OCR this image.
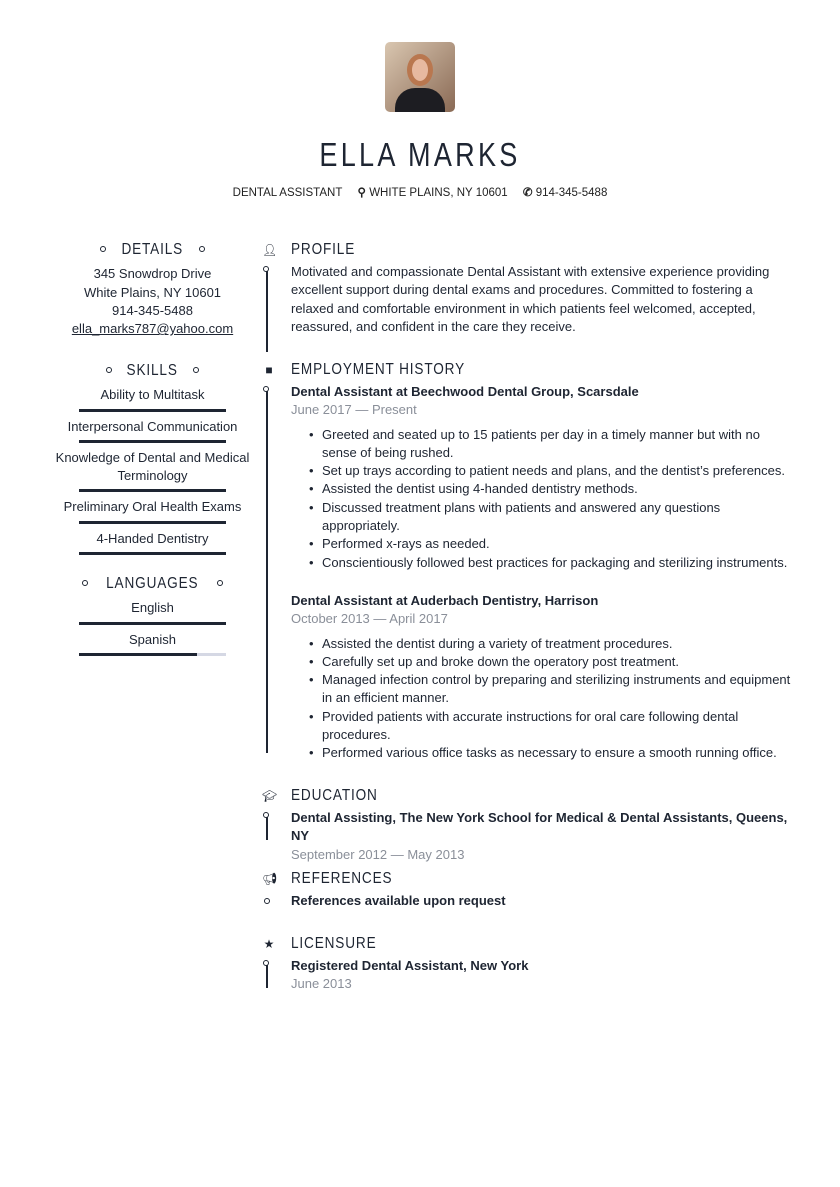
ELLA MARKS
DENTAL ASSISTANT ⚲ WHITE PLAINS, NY 10601 ✆ 914-345-5488
DETAILS
345 Snowdrop Drive
White Plains, NY 10601
914-345-5488
ella_marks787@yahoo.com
SKILLS
Ability to Multitask
Interpersonal Communication
Knowledge of Dental and Medical Terminology
Preliminary Oral Health Exams
4-Handed Dentistry
LANGUAGES
English
Spanish
👤︎ PROFILE
Motivated and compassionate Dental Assistant with extensive experience providing excellent support during dental exams and procedures. Committed to fostering a relaxed and comfortable environment in which patients feel welcomed, accepted, reassured, and confident in the care they receive.
■ EMPLOYMENT HISTORY
Dental Assistant at Beechwood Dental Group, Scarsdale
June 2017 — Present
• Greeted and seated up to 15 patients per day in a timely manner but with no sense of being rushed.
• Set up trays according to patient needs and plans, and the dentist’s preferences.
• Assisted the dentist using 4-handed dentistry methods.
• Discussed treatment plans with patients and answered any questions appropriately.
• Performed x-rays as needed.
• Conscientiously followed best practices for packaging and sterilizing instruments.
Dental Assistant at Auderbach Dentistry, Harrison
October 2013 — April 2017
• Assisted the dentist during a variety of treatment procedures.
• Carefully set up and broke down the operatory post treatment.
• Managed infection control by preparing and sterilizing instruments and equipment in an efficient manner.
• Provided patients with accurate instructions for oral care following dental procedures.
• Performed various office tasks as necessary to ensure a smooth running office.
🎓︎ EDUCATION
Dental Assisting, The New York School for Medical & Dental Assistants, Queens, NY
September 2012 — May 2013
📢︎ REFERENCES
References available upon request
★ LICENSURE
Registered Dental Assistant, New York
June 2013
